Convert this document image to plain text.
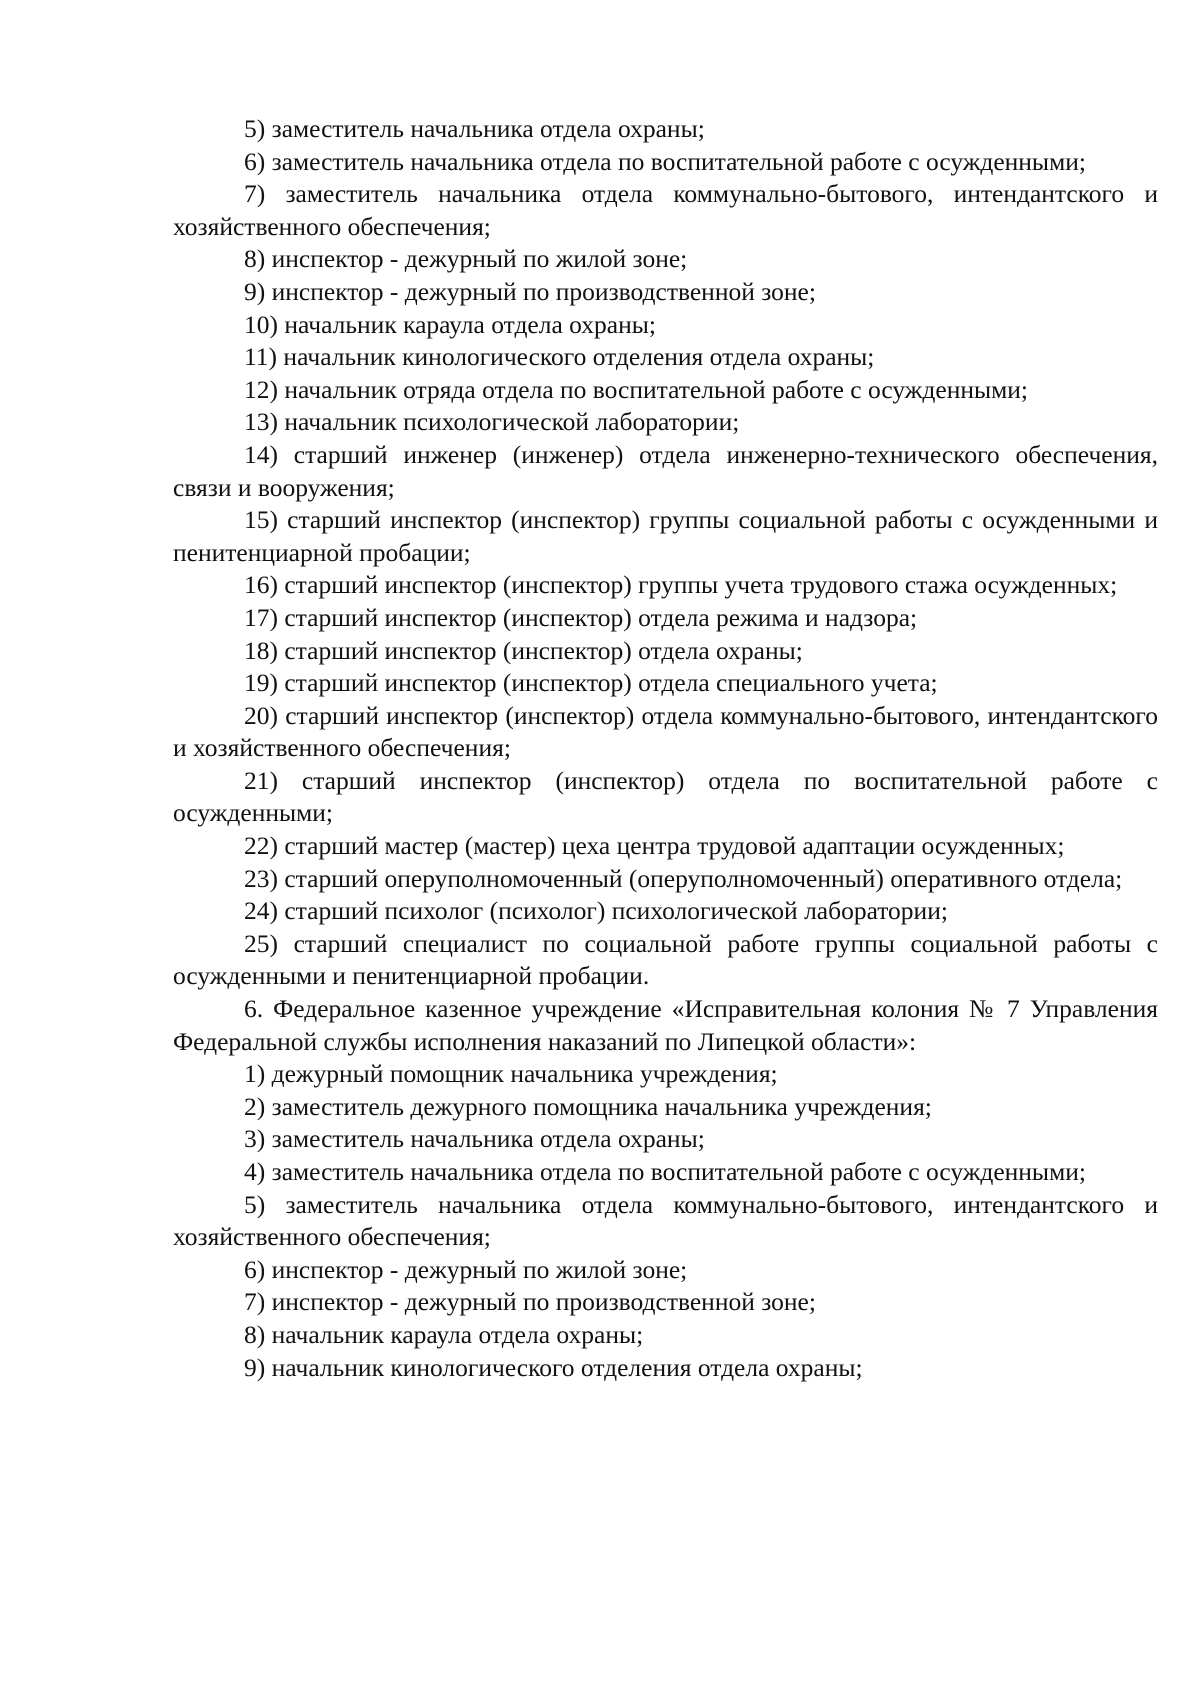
5) заместитель начальника отдела охраны;

6) заместитель начальника отдела по воспитательной работе с осужденными;

7) заместитель начальника отдела коммунально-бытового, интендантского и хозяйственного обеспечения;

8) инспектор - дежурный по жилой зоне;

9) инспектор - дежурный по производственной зоне;

10) начальник караула отдела охраны;

11) начальник кинологического отделения отдела охраны;

12) начальник отряда отдела по воспитательной работе с осужденными;

13) начальник психологической лаборатории;

14) старший инженер (инженер) отдела инженерно-технического обеспечения, связи и вооружения;

15) старший инспектор (инспектор) группы социальной работы с осужденными и пенитенциарной пробации;

16) старший инспектор (инспектор) группы учета трудового стажа осужденных;

17) старший инспектор (инспектор) отдела режима и надзора;

18) старший инспектор (инспектор) отдела охраны;

19) старший инспектор (инспектор) отдела специального учета;

20) старший инспектор (инспектор) отдела коммунально-бытового, интендантского и хозяйственного обеспечения;

21) старший инспектор (инспектор) отдела по воспитательной работе с осужденными;

22) старший мастер (мастер) цеха центра трудовой адаптации осужденных;

23) старший оперуполномоченный (оперуполномоченный) оперативного отдела;

24) старший психолог (психолог) психологической лаборатории;

25) старший специалист по социальной работе группы социальной работы с осужденными и пенитенциарной пробации.

6. Федеральное казенное учреждение «Исправительная колония № 7 Управления Федеральной службы исполнения наказаний по Липецкой области»:

1) дежурный помощник начальника учреждения;

2) заместитель дежурного помощника начальника учреждения;

3) заместитель начальника отдела охраны;

4) заместитель начальника отдела по воспитательной работе с осужденными;

5) заместитель начальника отдела коммунально-бытового, интендантского и хозяйственного обеспечения;

6) инспектор - дежурный по жилой зоне;

7) инспектор - дежурный по производственной зоне;

8) начальник караула отдела охраны;

9) начальник кинологического отделения отдела охраны;
